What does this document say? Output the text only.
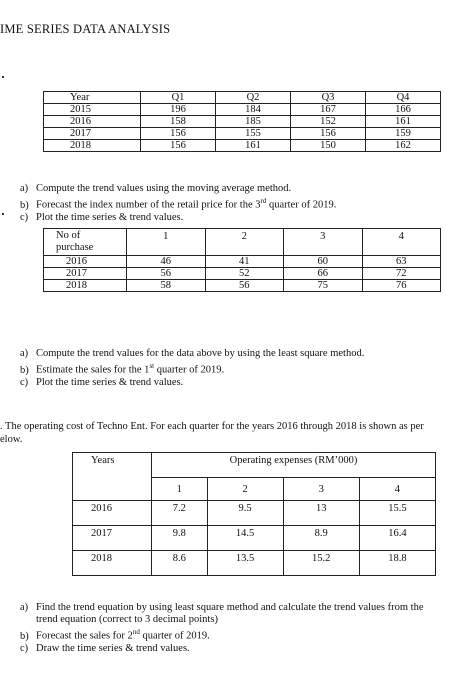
IME SERIES DATA ANALYSIS
Year	Q1	Q2	Q3	Q4
2015	196	184	167	166
2016	158	185	152	161
2017	156	155	156	159
2018	156	161	150	162
a) Compute the trend values using the moving average method.
b) Forecast the index number of the retail price for the 3rd quarter of 2019.
c) Plot the time series & trend values.
No of
purchase	1	2	3	4
2016	46	41	60	63
2017	56	52	66	72
2018	58	56	75	76
a) Compute the trend values for the data above by using the least square method.
b) Estimate the sales for the 1st quarter of 2019.
c) Plot the time series & trend values.
. The operating cost of Techno Ent. For each quarter for the years 2016 through 2018 is shown as per
elow.
Years	Operating expenses (RM’000)			
	1	2	3	4
2016	7.2	9.5	13	15.5
2017	9.8	14.5	8.9	16.4
2018	8.6	13.5	15.2	18.8
a) Find the trend equation by using least square method and calculate the trend values from the
trend equation (correct to 3 decimal points)
b) Forecast the sales for 2nd quarter of 2019.
c) Draw the time series & trend values.
